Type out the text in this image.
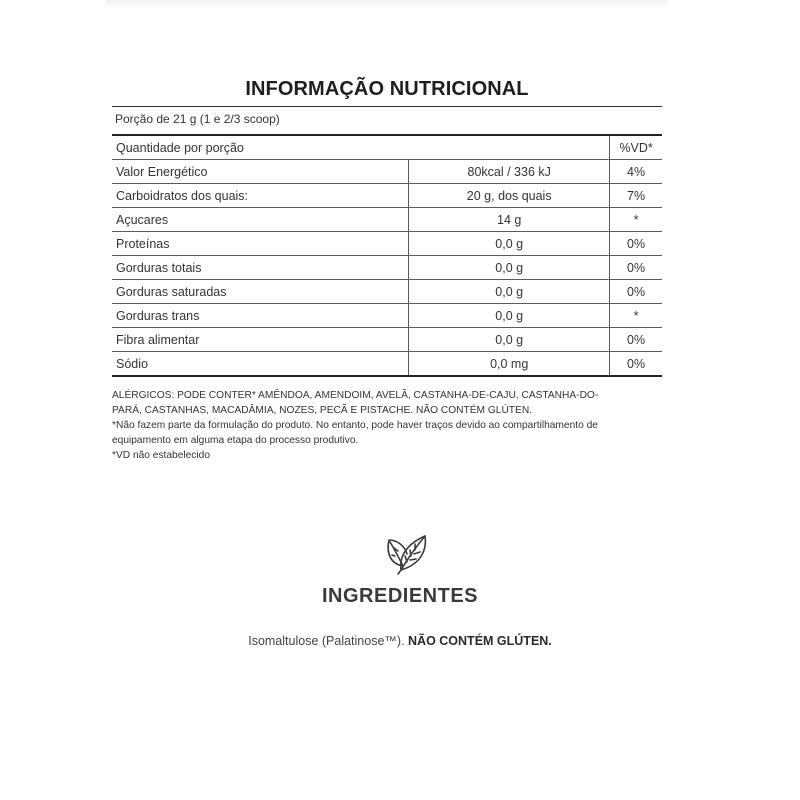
INFORMAÇÃO NUTRICIONAL
Porção de 21 g (1 e 2/3 scoop)
Quantidade por porção		%VD*
Valor Energético	80kcal / 336 kJ	4%
Carboidratos dos quais:	20 g, dos quais	7%
Açucares	14 g	*
Proteínas	0,0 g	0%
Gorduras totais	0,0 g	0%
Gorduras saturadas	0,0 g	0%
Gorduras trans	0,0 g	*
Fibra alimentar	0,0 g	0%
Sódio	0,0 mg	0%

ALÉRGICOS: PODE CONTER* AMÊNDOA, AMENDOIM, AVELÃ, CASTANHA-DE-CAJU, CASTANHA-DO-

PARÁ, CASTANHAS, MACADÂMIA, NOZES, PECÃ E PISTACHE. NÃO CONTÉM GLÚTEN.

*Não fazem parte da formulação do produto. No entanto, pode haver traços devido ao compartilhamento de

equipamento em alguma etapa do processo produtivo.

*VD não estabelecido

INGREDIENTES
Isomaltulose (Palatinose™). NÃO CONTÉM GLÚTEN.
